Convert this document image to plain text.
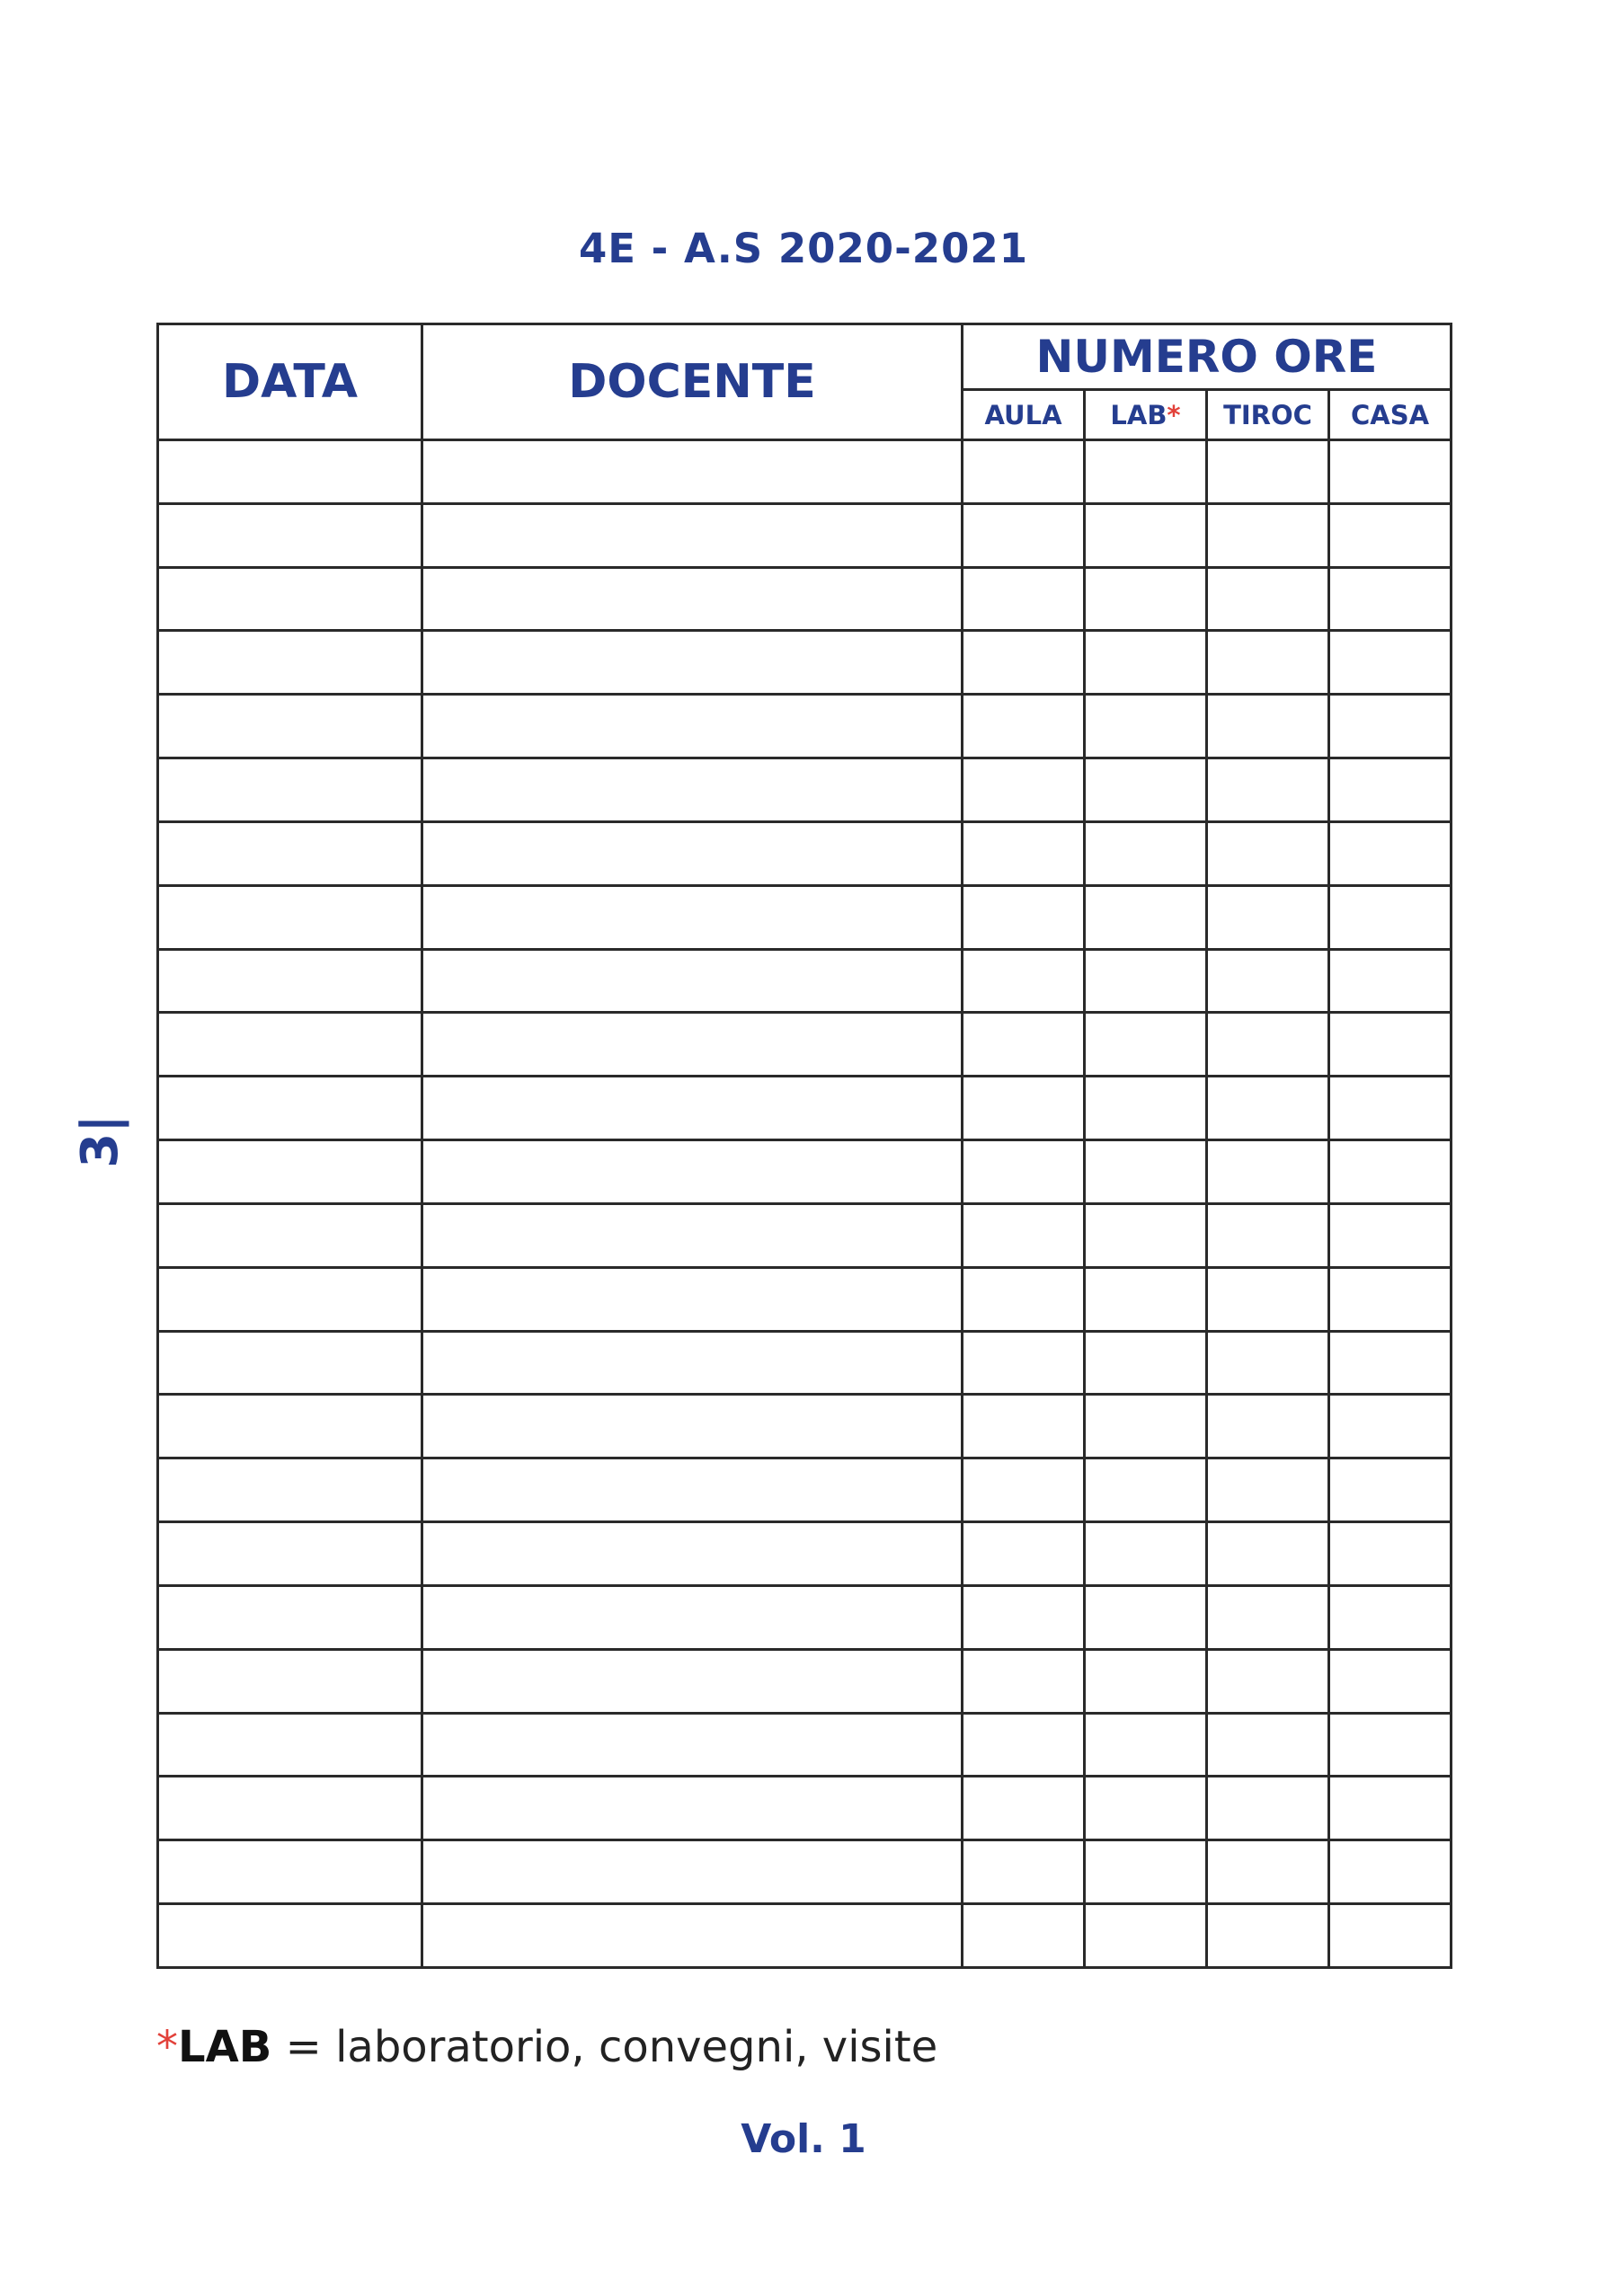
4E - A.S 2020-2021
3|
DATA	DOCENTE	NUMERO ORE			
		AULA	LAB*	TIROC	CASA

*LAB = laboratorio, convegni, visite
Vol. 1
